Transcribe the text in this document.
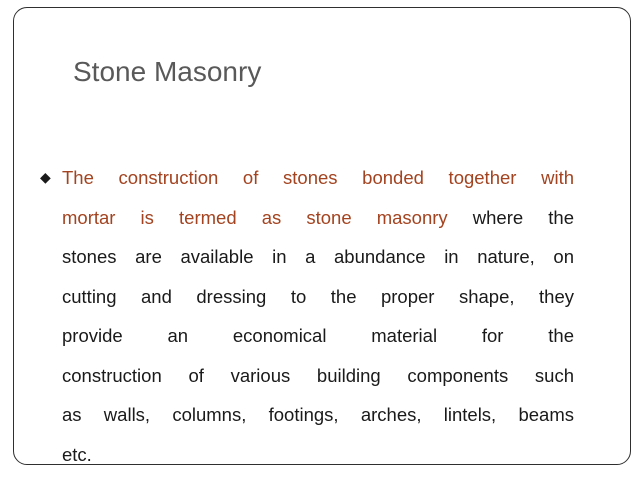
Stone Masonry
◆ The construction of stones bonded together with
mortar is termed as stone masonry where the
stones are available in a abundance in nature, on
cutting and dressing to the proper shape, they
provide an economical material for the
construction of various building components such
as walls, columns, footings, arches, lintels, beams
etc.
